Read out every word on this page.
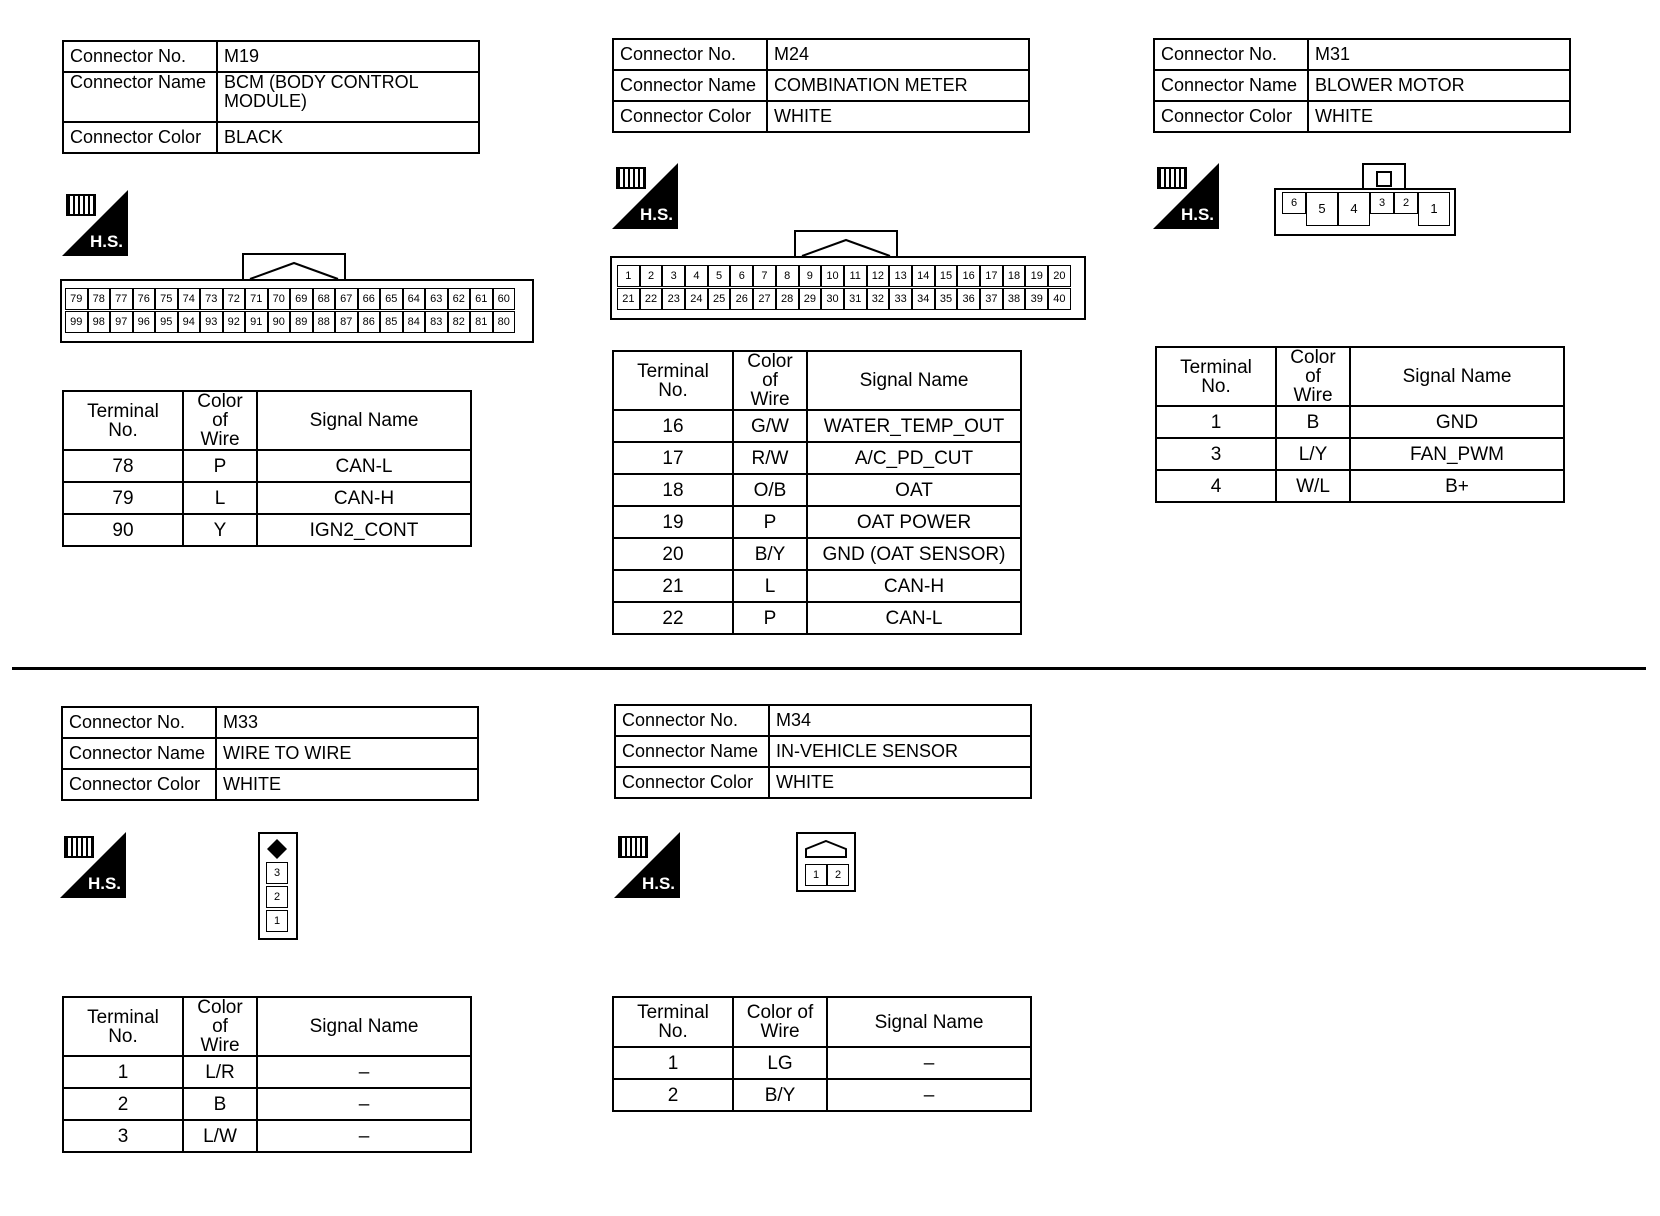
Connector No.	M19
Connector Name	BCM (BODY CONTROL MODULE)
Connector Color	BLACK
H.S.
79 78 77 76 75 74 73 72 71 70 69 68 67 66 65 64 63 62 61 60
99 98 97 96 95 94 93 92 91 90 89 88 87 86 85 84 83 82 81 80
Terminal No.	Color of Wire	Signal Name
78	P	CAN-L
79	L	CAN-H
90	Y	IGN2_CONT
Connector No.	M24
Connector Name	COMBINATION METER
Connector Color	WHITE
H.S.
1	2	3	4	5	6	7	8	9	10 11 12 13 14 15 16 17 18 19 20
21 22 23 24 25 26 27 28 29 30 31 32 33 34 35 36 37 38 39 40
Terminal No.	Color of Wire	Signal Name
16	G/W	WATER_TEMP_OUT
17	R/W	A/C_PD_CUT
18	O/B	OAT
19	P	OAT POWER
20	B/Y	GND (OAT SENSOR)
21	L	CAN-H
22	P	CAN-L
Connector No.	M31
Connector Name	BLOWER MOTOR
Connector Color	WHITE
H.S.
6	5	4	3	2	1
Terminal No.	Color of Wire	Signal Name
1	B	GND
3	L/Y	FAN_PWM
4	W/L	B+
Connector No.	M33
Connector Name	WIRE TO WIRE
Connector Color	WHITE
H.S.
3
2
1
Terminal No.	Color of Wire	Signal Name
1	L/R	–
2	B	–
3	L/W	–
Connector No.	M34
Connector Name	IN-VEHICLE SENSOR
Connector Color	WHITE
H.S.	1	2
Terminal No.	Color of Wire	Signal Name
1	LG	–
2	B/Y	–
